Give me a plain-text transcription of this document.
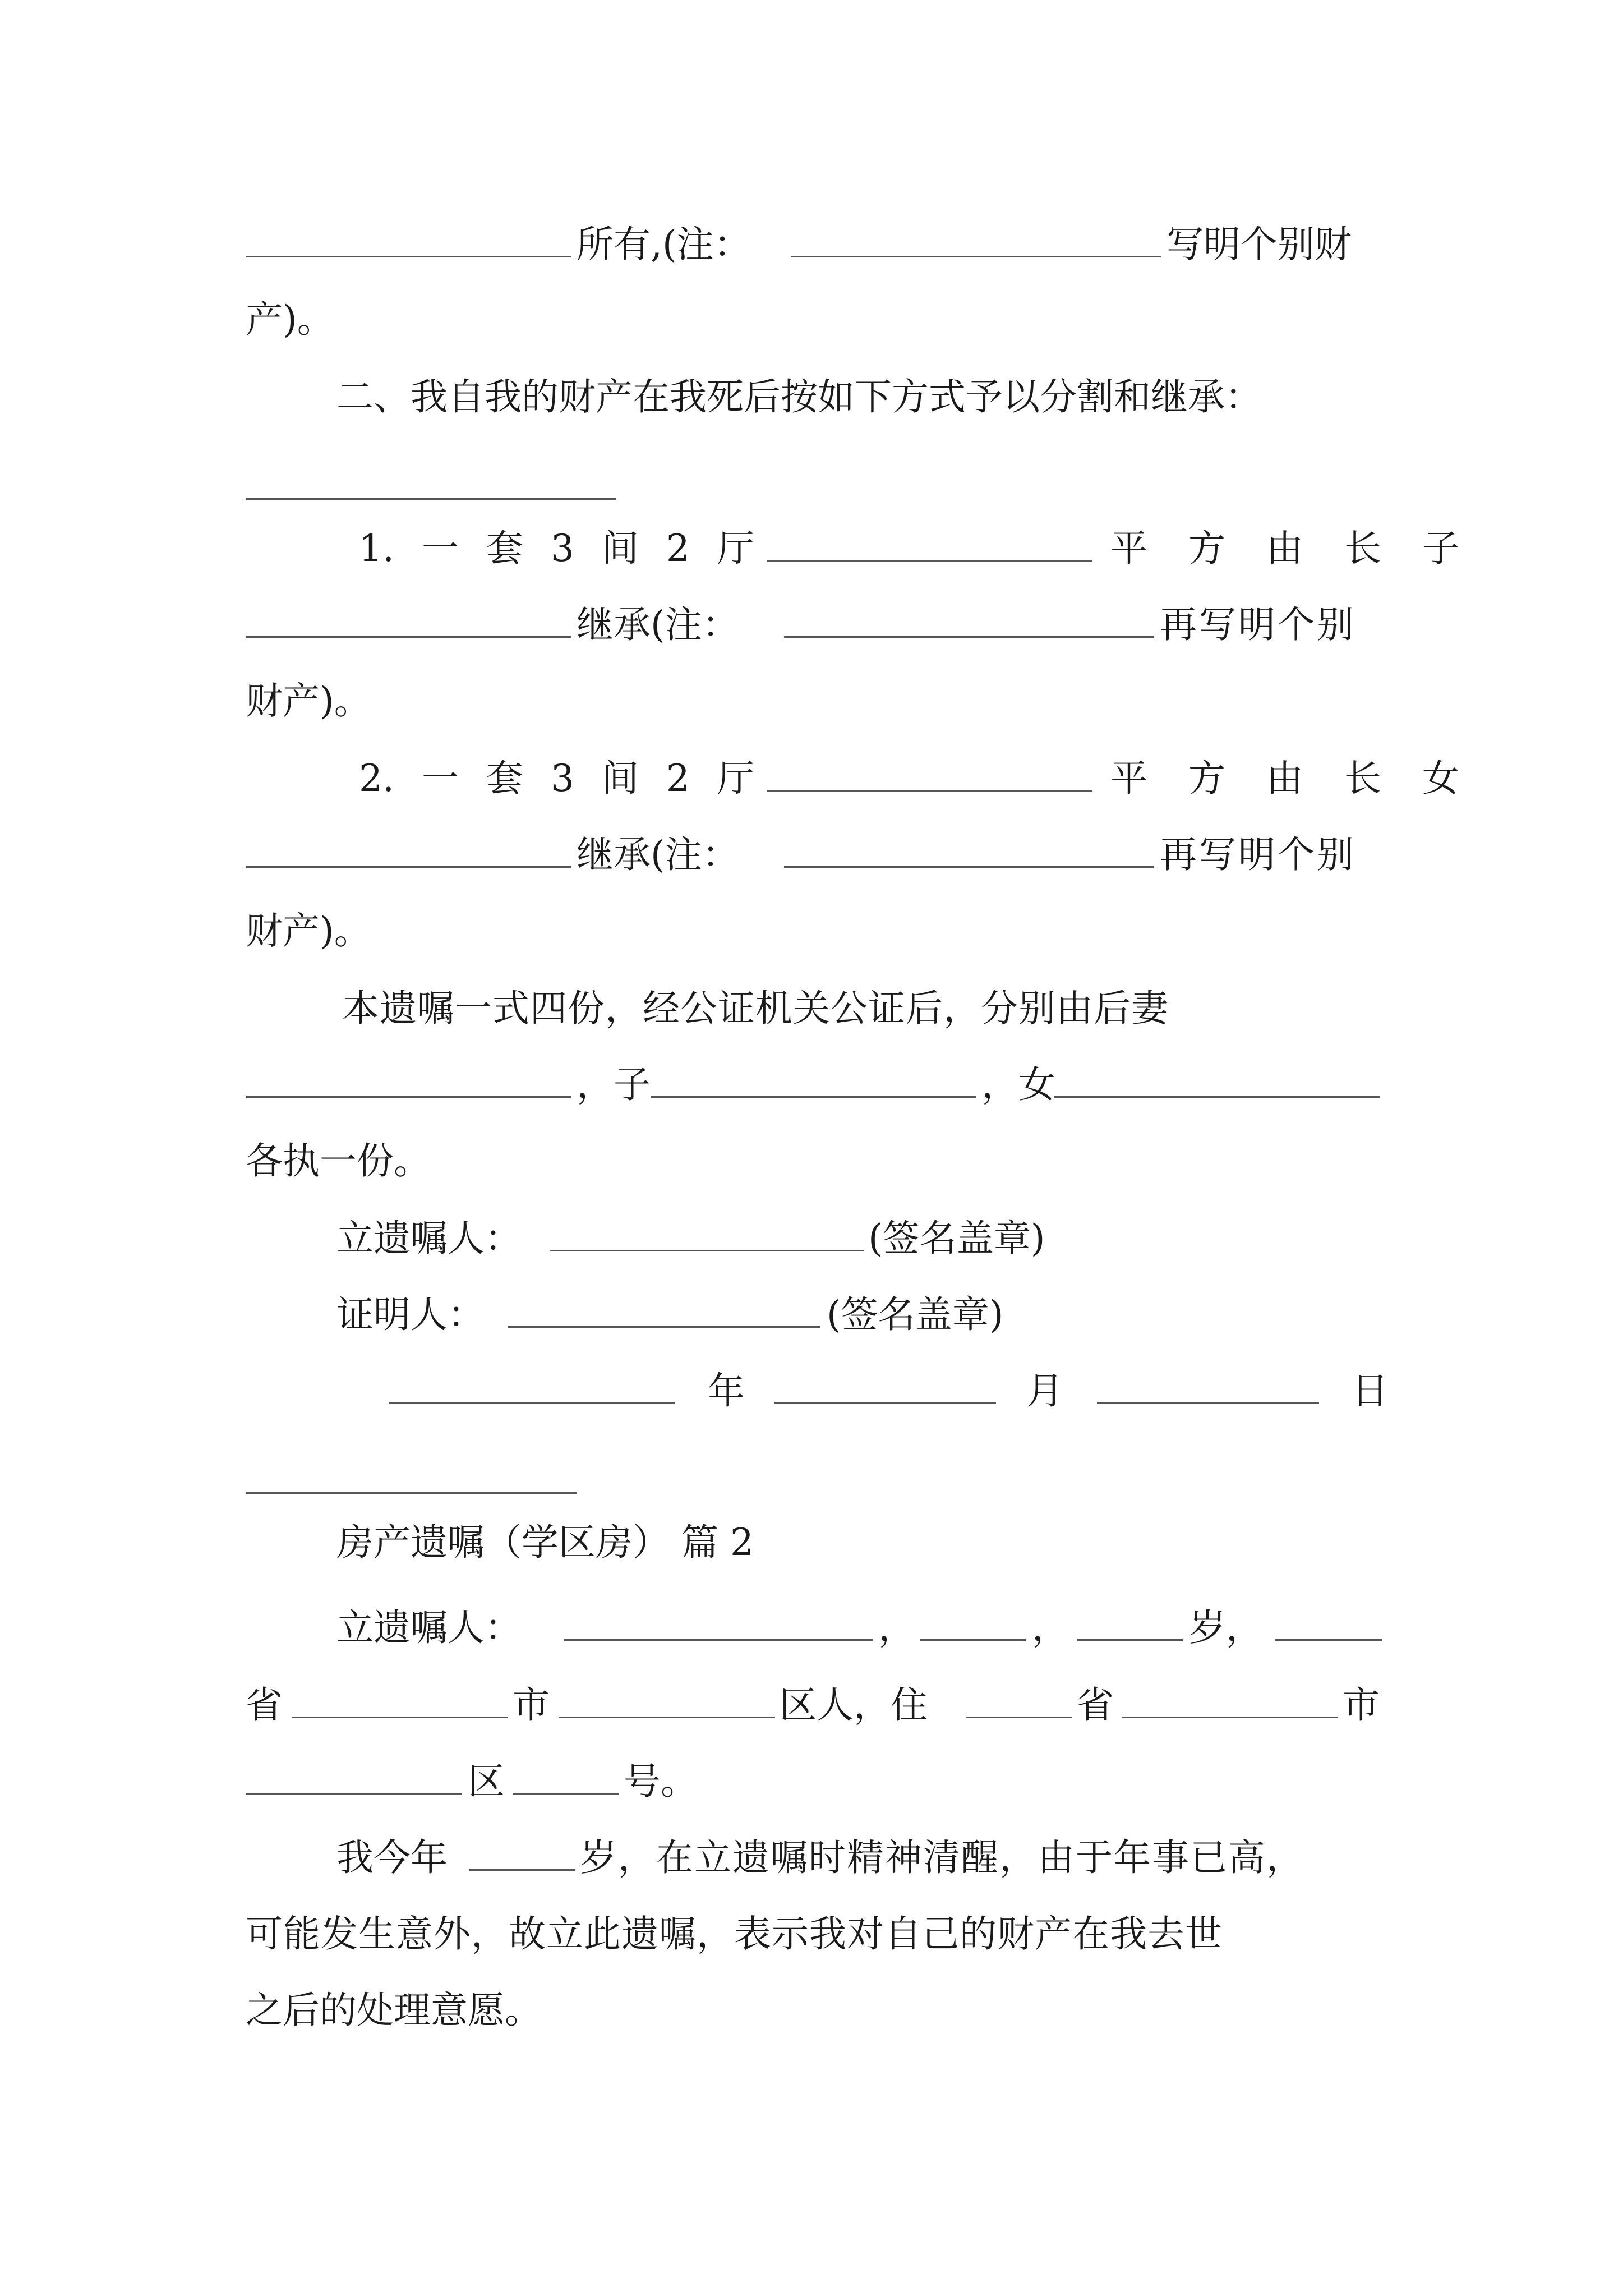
所有,(注：	写明个别财
产)。
二、我自我的财产在我死后按如下方式予以分割和继承：
1. 一 套 3 间 2 厅	平 方 由 长 子
继承(注：	再写明个别
财产)。
2. 一 套 3 间 2 厅	平 方 由 长 女
继承(注：	再写明个别
财产)。
本遗嘱一式四份，经公证机关公证后，分别由后妻
，子	，女
各执一份。
立遗嘱人：	(签名盖章)
证明人：	(签名盖章)
年	月	日
房产遗嘱（学区房） 篇 2
立遗嘱人：	，	，	岁，
省	市	区人，住	省	市
区	号。
我今年	岁，在立遗嘱时精神清醒，由于年事已高，
可能发生意外，故立此遗嘱，表示我对自己的财产在我去世
之后的处理意愿。
